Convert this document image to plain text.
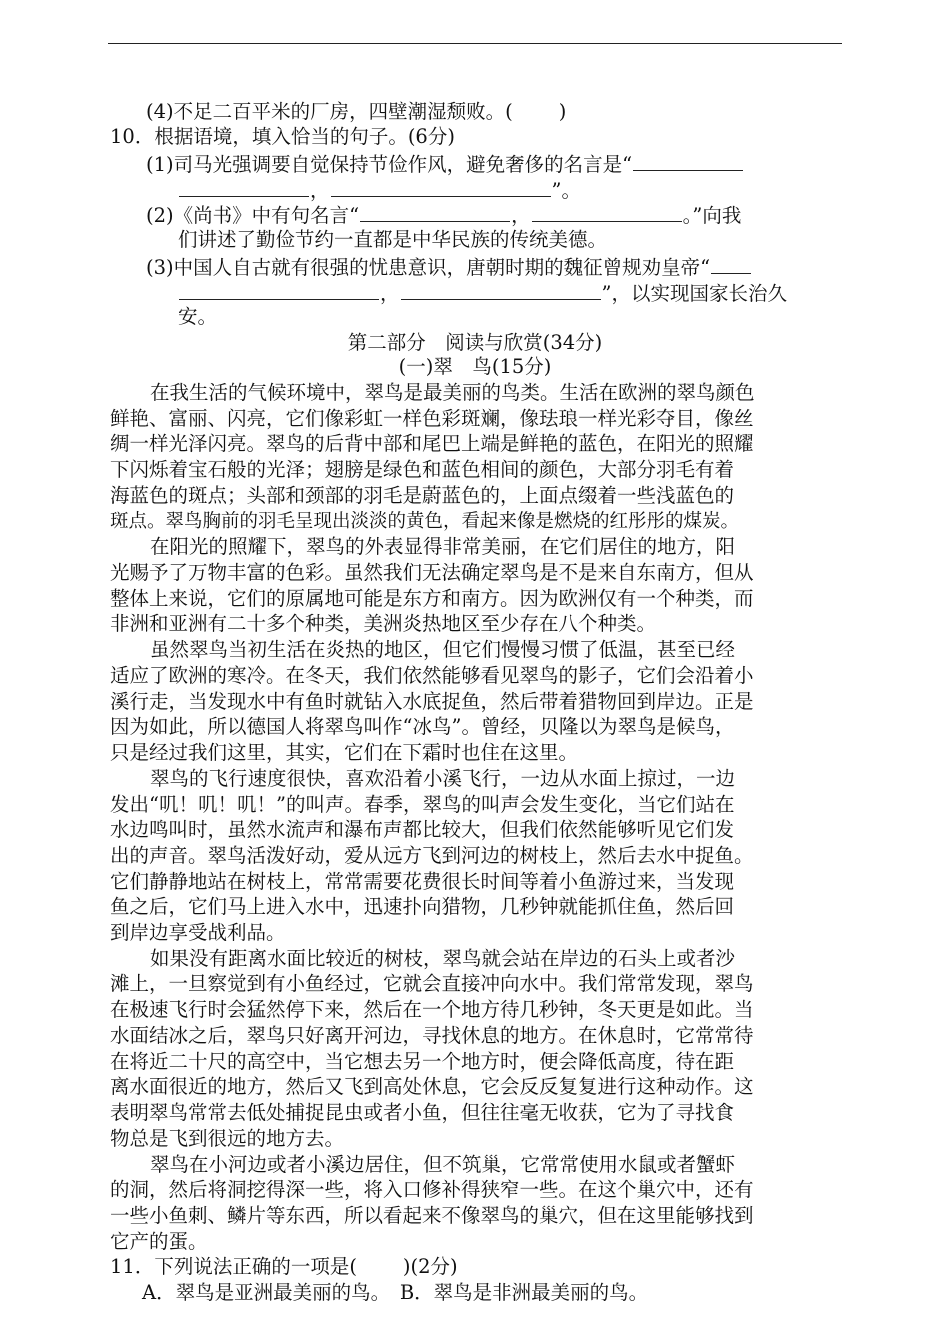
(4)不足二百平米的厂房，四壁潮湿颓败。( )
10．根据语境，填入恰当的句子。(6分)
(1)司马光强调要自觉保持节俭作风，避免奢侈的名言是“
，	”。
(2)《尚书》中有句名言“	，	。”向我
们讲述了勤俭节约一直都是中华民族的传统美德。
(3)中国人自古就有很强的忧患意识，唐朝时期的魏征曾规劝皇帝“
，	”，以实现国家长治久
安。
第二部分　阅读与欣赏(34分)
(一)翠　鸟(15分)
在我生活的气候环境中，翠鸟是最美丽的鸟类。生活在欧洲的翠鸟颜色
鲜艳、富丽、闪亮，它们像彩虹一样色彩斑斓，像珐琅一样光彩夺目，像丝
绸一样光泽闪亮。翠鸟的后背中部和尾巴上端是鲜艳的蓝色，在阳光的照耀
下闪烁着宝石般的光泽；翅膀是绿色和蓝色相间的颜色，大部分羽毛有着
海蓝色的斑点；头部和颈部的羽毛是蔚蓝色的，上面点缀着一些浅蓝色的
斑点。翠鸟胸前的羽毛呈现出淡淡的黄色，看起来像是燃烧的红彤彤的煤炭。
在阳光的照耀下，翠鸟的外表显得非常美丽，在它们居住的地方，阳
光赐予了万物丰富的色彩。虽然我们无法确定翠鸟是不是来自东南方，但从
整体上来说，它们的原属地可能是东方和南方。因为欧洲仅有一个种类，而
非洲和亚洲有二十多个种类，美洲炎热地区至少存在八个种类。
虽然翠鸟当初生活在炎热的地区，但它们慢慢习惯了低温，甚至已经
适应了欧洲的寒冷。在冬天，我们依然能够看见翠鸟的影子，它们会沿着小
溪行走，当发现水中有鱼时就钻入水底捉鱼，然后带着猎物回到岸边。正是
因为如此，所以德国人将翠鸟叫作“冰鸟”。曾经，贝隆以为翠鸟是候鸟，
只是经过我们这里，其实，它们在下霜时也住在这里。
翠鸟的飞行速度很快，喜欢沿着小溪飞行，一边从水面上掠过，一边
发出“叽！叽！叽！”的叫声。春季，翠鸟的叫声会发生变化，当它们站在
水边鸣叫时，虽然水流声和瀑布声都比较大，但我们依然能够听见它们发
出的声音。翠鸟活泼好动，爱从远方飞到河边的树枝上，然后去水中捉鱼。
它们静静地站在树枝上，常常需要花费很长时间等着小鱼游过来，当发现
鱼之后，它们马上进入水中，迅速扑向猎物，几秒钟就能抓住鱼，然后回
到岸边享受战利品。
如果没有距离水面比较近的树枝，翠鸟就会站在岸边的石头上或者沙
滩上，一旦察觉到有小鱼经过，它就会直接冲向水中。我们常常发现，翠鸟
在极速飞行时会猛然停下来，然后在一个地方待几秒钟，冬天更是如此。当
水面结冰之后，翠鸟只好离开河边，寻找休息的地方。在休息时，它常常待
在将近二十尺的高空中，当它想去另一个地方时，便会降低高度，待在距
离水面很近的地方，然后又飞到高处休息，它会反反复复进行这种动作。这
表明翠鸟常常去低处捕捉昆虫或者小鱼，但往往毫无收获，它为了寻找食
物总是飞到很远的地方去。
翠鸟在小河边或者小溪边居住，但不筑巢，它常常使用水鼠或者蟹虾
的洞，然后将洞挖得深一些，将入口修补得狭窄一些。在这个巢穴中，还有
一些小鱼刺、鳞片等东西，所以看起来不像翠鸟的巢穴，但在这里能够找到
它产的蛋。
11．下列说法正确的一项是( )(2分)
A．翠鸟是亚洲最美丽的鸟。　B．翠鸟是非洲最美丽的鸟。
